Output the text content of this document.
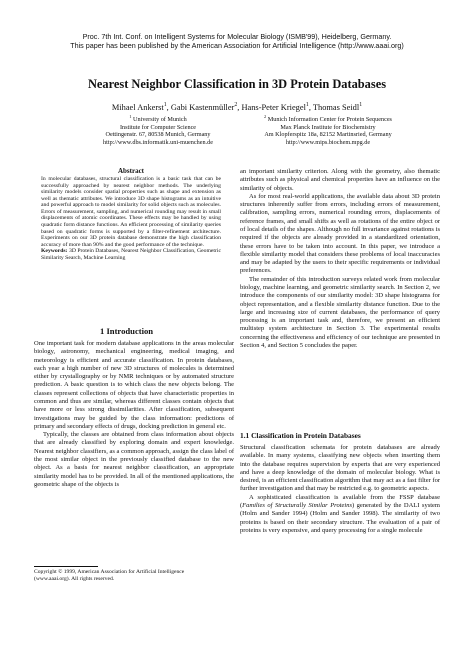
Proc. 7th Int. Conf. on Intelligent Systems for Molecular Biology (ISMB'99), Heidelberg, Germany.
This paper has been published by the American Association for Artificial Intelligence (http://www.aaai.org)
Nearest Neighbor Classification in 3D Protein Databases
Mihael Ankerst$^1$, Gabi Kastenmüller$^2$, Hans-Peter Kriegel$^1$, Thomas Seidl$^1$
$^1$ University of Munich
Institute for Computer Science
Oettingenstr. 67, 80538 Munich, Germany
http://www.dbs.informatik.uni-muenchen.de
$^2$ Munich Information Center for Protein Sequences
Max Planck Institute for Biochemistry
Am Klopferspitz 18a, 82152 Martinsried, Germany
http://www.mips.biochem.mpg.de
Abstract

In molecular databases, structural classification is a basic task that can be successfully approached by nearest neighbor methods. The underlying similarity models consider spatial properties such as shape and extension as well as thematic attributes. We introduce 3D shape histograms as an intuitive and powerful approach to model similarity for solid objects such as molecules. Errors of measurement, sampling, and numerical rounding may result in small displacements of atomic coordinates. These effects may be handled by using quadratic form distance functions. An efficient processing of similarity queries based on quadratic forms is supported by a filter-refinement architecture. Experiments on our 3D protein database demonstrate the high classification accuracy of more than 90% and the good performance of the technique.

Keywords: 3D Protein Databases, Nearest Neighbor Classification, Geometric Similarity Search, Machine Learning

1 Introduction

One important task for modern database applications in the areas molecular biology, astronomy, mechanical engineering, medical imaging, and meteorology is efficient and accurate classification. In protein databases, each year a high number of new 3D structures of molecules is determined either by crystallography or by NMR techniques or by automated structure prediction. A basic question is to which class the new objects belong. The classes represent collections of objects that have characteristic properties in common and thus are similar, whereas different classes contain objects that have more or less strong dissimilarities. After classification, subsequent investigations may be guided by the class information: predictions of primary and secondary effects of drugs, docking prediction in general etc.

Typically, the classes are obtained from class information about objects that are already classified by exploring domain and expert knowledge. Nearest neighbor classifiers, as a common approach, assign the class label of the most similar object in the previously classified database to the new object. As a basis for nearest neighbor classification, an appropriate similarity model has to be provided. In all of the mentioned applications, the geometric shape of the objects is

Copyright © 1999, American Association for Artificial Intelligence
(www.aaai.org). All rights reserved.

an important similarity criterion. Along with the geometry, also thematic attributes such as physical and chemical properties have an influence on the similarity of objects.

As for most real-world applications, the available data about 3D protein structures inherently suffer from errors, including errors of measurement, calibration, sampling errors, numerical rounding errors, displacements of reference frames, and small shifts as well as rotations of the entire object or of local details of the shapes. Although no full invariance against rotations is required if the objects are already provided in a standardized orientation, these errors have to be taken into account. In this paper, we introduce a flexible similarity model that considers these problems of local inaccuracies and may be adapted by the users to their specific requirements or individual preferences.

The remainder of this introduction surveys related work from molecular biology, machine learning, and geometric similarity search. In Section 2, we introduce the components of our similarity model: 3D shape histograms for object representation, and a flexible similarity distance function. Due to the large and increasing size of current databases, the performance of query processing is an important task and, therefore, we present an efficient multistep system architecture in Section 3. The experimental results concerning the effectiveness and efficiency of our technique are presented in Section 4, and Section 5 concludes the paper.

1.1 Classification in Protein Databases

Structural classification schemata for protein databases are already available. In many systems, classifying new objects when inserting them into the database requires supervision by experts that are very experienced and have a deep knowledge of the domain of molecular biology. What is desired, is an efficient classification algorithm that may act as a fast filter for further investigation and that may be restricted e.g. to geometric aspects.

A sophisticated classification is available from the FSSP database (Families of Structurally Similar Proteins) generated by the DALI system (Holm and Sander 1994) (Holm and Sander 1998). The similarity of two proteins is based on their secondary structure. The evaluation of a pair of proteins is very expensive, and query processing for a single molecule
